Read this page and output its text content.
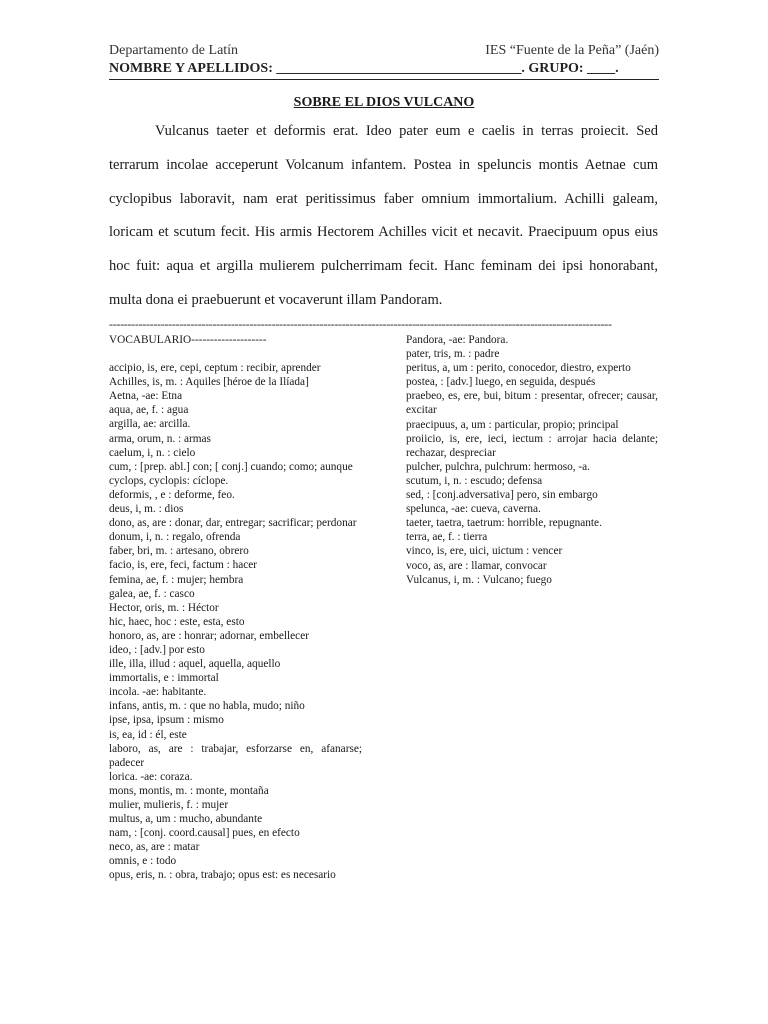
Departamento de Latín	IES “Fuente de la Peña” (Jaén)
NOMBRE Y APELLIDOS: ___________________________________. GRUPO: ____.
SOBRE EL DIOS VULCANO
Vulcanus taeter et deformis erat. Ideo pater eum e caelis in terras proiecit. Sed terrarum incolae acceperunt Volcanum infantem. Postea in speluncis montis Aetnae cum cyclopibus laboravit, nam erat peritissimus faber omnium immortalium. Achilli galeam, loricam et scutum fecit. His armis Hectorem Achilles vicit et necavit. Praecipuum opus eius hoc fuit: aqua et argilla mulierem pulcherrimam fecit. Hanc feminam dei ipsi honorabant, multa dona ei praebuerunt et vocaverunt illam Pandoram.
----------------------------------------------------------------------------------------------------------------------------------------
VOCABULARIO--------------------
accipio, is, ere, cepi, ceptum : recibir, aprender
Achilles, is, m. : Aquiles [héroe de la Ilíada]
Aetna, -ae: Etna
aqua, ae, f. : agua
argilla, ae: arcilla.
arma, orum, n. : armas
caelum, i, n. : cielo
cum, : [prep. abl.] con; [ conj.] cuando; como; aunque
cyclops, cyclopis: cíclope.
deformis, , e : deforme, feo.
deus, i, m. : dios
dono, as, are : donar, dar, entregar; sacrificar; perdonar
donum, i, n. : regalo, ofrenda
faber, bri, m. : artesano, obrero
facio, is, ere, feci, factum : hacer
femina, ae, f. : mujer; hembra
galea, ae, f. : casco
Hector, oris, m. : Héctor
hic, haec, hoc : este, esta, esto
honoro, as, are : honrar; adornar, embellecer
ideo, : [adv.] por esto
ille, illa, illud : aquel, aquella, aquello
immortalis, e : immortal
incola. -ae: habitante.
infans, antis, m. : que no habla, mudo; niño
ipse, ipsa, ipsum : mismo
is, ea, id : él, este
laboro, as, are : trabajar, esforzarse en, afanarse; padecer
lorica. -ae: coraza.
mons, montis, m. : monte, montaña
mulier, mulieris, f. : mujer
multus, a, um : mucho, abundante
nam, : [conj. coord.causal] pues, en efecto
neco, as, are : matar
omnis, e : todo
opus, eris, n. : obra, trabajo; opus est: es necesario
Pandora, -ae: Pandora.
pater, tris, m. : padre
peritus, a, um : perito, conocedor, diestro, experto
postea, : [adv.] luego, en seguida, después
praebeo, es, ere, bui, bitum : presentar, ofrecer; causar, excitar
praecipuus, a, um : particular, propio; principal
proiicio, is, ere, ieci, iectum : arrojar hacia delante; rechazar, despreciar
pulcher, pulchra, pulchrum: hermoso, -a.
scutum, i, n. : escudo; defensa
sed, : [conj.adversativa] pero, sin embargo
spelunca, -ae: cueva, caverna.
taeter, taetra, taetrum: horrible, repugnante.
terra, ae, f. : tierra
vinco, is, ere, uici, uictum : vencer
voco, as, are : llamar, convocar
Vulcanus, i, m. : Vulcano; fuego
